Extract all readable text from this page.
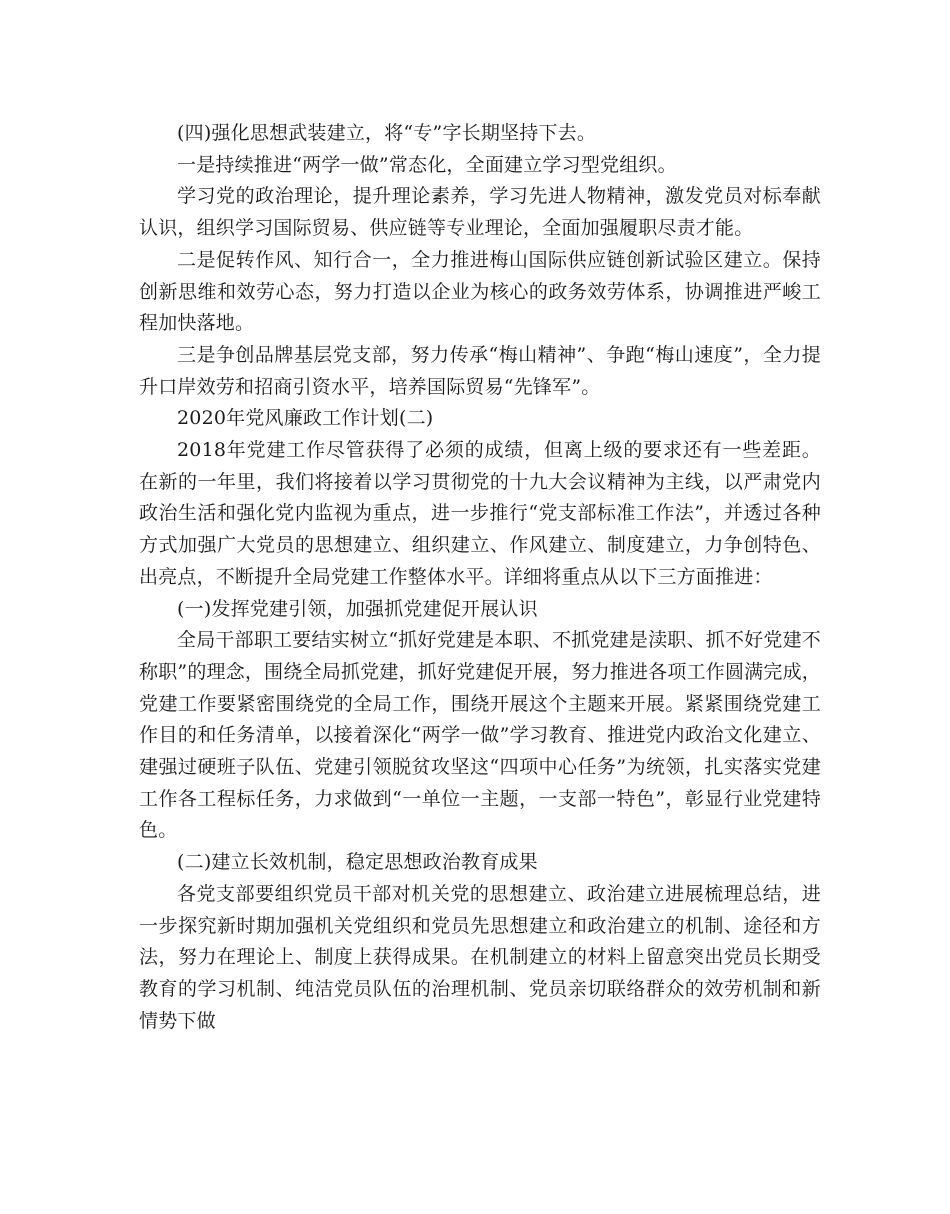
(四)强化思想武装建立，将“专”字长期坚持下去。

一是持续推进“两学一做”常态化，全面建立学习型党组织。

学习党的政治理论，提升理论素养，学习先进人物精神，激发党员对标奉献认识，组织学习国际贸易、供应链等专业理论，全面加强履职尽责才能。

二是促转作风、知行合一，全力推进梅山国际供应链创新试验区建立。保持创新思维和效劳心态，努力打造以企业为核心的政务效劳体系，协调推进严峻工程加快落地。

三是争创品牌基层党支部，努力传承“梅山精神”、争跑“梅山速度”，全力提升口岸效劳和招商引资水平，培养国际贸易“先锋军”。

2020年党风廉政工作计划(二)

2018年党建工作尽管获得了必须的成绩，但离上级的要求还有一些差距。在新的一年里，我们将接着以学习贯彻党的十九大会议精神为主线，以严肃党内政治生活和强化党内监视为重点，进一步推行“党支部标准工作法”，并透过各种方式加强广大党员的思想建立、组织建立、作风建立、制度建立，力争创特色、出亮点，不断提升全局党建工作整体水平。详细将重点从以下三方面推进：

(一)发挥党建引领，加强抓党建促开展认识

全局干部职工要结实树立“抓好党建是本职、不抓党建是渎职、抓不好党建不称职”的理念，围绕全局抓党建，抓好党建促开展，努力推进各项工作圆满完成，党建工作要紧密围绕党的全局工作，围绕开展这个主题来开展。紧紧围绕党建工作目的和任务清单，以接着深化“两学一做”学习教育、推进党内政治文化建立、建强过硬班子队伍、党建引领脱贫攻坚这“四项中心任务”为统领，扎实落实党建工作各工程标任务，力求做到“一单位一主题，一支部一特色”，彰显行业党建特色。

(二)建立长效机制，稳定思想政治教育成果

各党支部要组织党员干部对机关党的思想建立、政治建立进展梳理总结，进一步探究新时期加强机关党组织和党员先思想建立和政治建立的机制、途径和方法，努力在理论上、制度上获得成果。在机制建立的材料上留意突出党员长期受教育的学习机制、纯洁党员队伍的治理机制、党员亲切联络群众的效劳机制和新情势下做
